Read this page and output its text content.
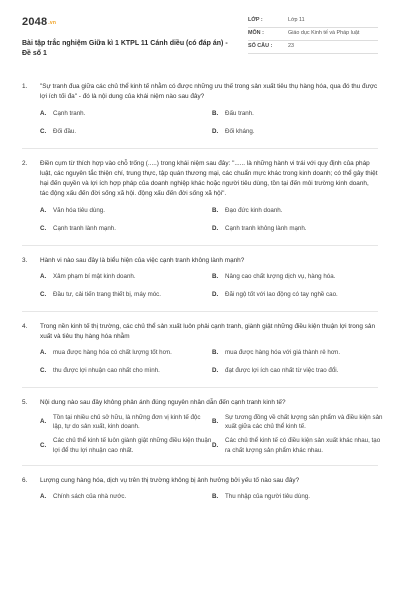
2048.vn
Bài tập trắc nghiệm Giữa kì 1 KTPL 11 Cánh diều (có đáp án) - Đề số 1
LỚP :	Lớp 11
MÔN :	Giáo dục Kinh tế và Pháp luật
SỐ CÂU :	23
1.	"Sự tranh đua giữa các chủ thể kinh tế nhằm có được những ưu thế trong sản xuất tiêu thụ hàng hóa, qua đó thu được lợi ích tối đa" - đó là nội dung của khái niệm nào sau đây?
A.	Cạnh tranh.	B.	Đấu tranh.
C.	Đối đầu.	D.	Đối kháng.
2.	Điền cụm từ thích hợp vào chỗ trống (.....) trong khái niệm sau đây: "...... là những hành vi trái với quy định của pháp luật, các nguyên tắc thiện chí, trung thực, tập quán thương mại, các chuẩn mực khác trong kinh doanh; có thể gây thiệt hại đến quyền và lợi ích hợp pháp của doanh nghiệp khác hoặc người tiêu dùng, tồn tại đến môi trường kinh doanh, tác động xấu đến đời sống xã hội. động xấu đến đời sống xã hội".
A.	Văn hóa tiêu dùng.	B.	Đạo đức kinh doanh.
C.	Cạnh tranh lành mạnh.	D.	Cạnh tranh không lành mạnh.
3.	Hành vi nào sau đây là biểu hiện của việc cạnh tranh không lành mạnh?
A.	Xâm phạm bí mật kinh doanh.	B.	Nâng cao chất lượng dịch vụ, hàng hóa.
C.	Đầu tư, cải tiến trang thiết bị, máy móc.	D.	Đãi ngộ tốt với lao động có tay nghề cao.
4.	Trong nền kinh tế thị trường, các chủ thể sản xuất luôn phải cạnh tranh, giành giật những điều kiện thuận lợi trong sản xuất và tiêu thụ hàng hóa nhằm
A.	mua được hàng hóa có chất lượng tốt hơn.	B.	mua được hàng hóa với giá thành rẻ hơn.
C.	thu được lợi nhuận cao nhất cho mình.	D.	đạt được lợi ích cao nhất từ việc trao đổi.
5.	Nội dung nào sau đây không phản ánh đúng nguyên nhân dẫn đến cạnh tranh kinh tế?
A.
Tồn tại nhiều chủ sở hữu, là những đơn vị kinh tế độc lập, tự do sản xuất, kinh doanh.
B.
Sự tương đồng về chất lượng sản phẩm và điều kiện sản xuất giữa các chủ thể kinh tế.
C.
Các chủ thể kinh tế luôn giành giật những điều kiện thuận lợi để thu lợi nhuận cao nhất.
D.
Các chủ thể kinh tế có điều kiện sản xuất khác nhau, tạo ra chất lượng sản phẩm khác nhau.
6.	Lượng cung hàng hóa, dịch vụ trên thị trường không bị ảnh hưởng bởi yếu tố nào sau đây?
A.	Chính sách của nhà nước.	B.	Thu nhập của người tiêu dùng.
